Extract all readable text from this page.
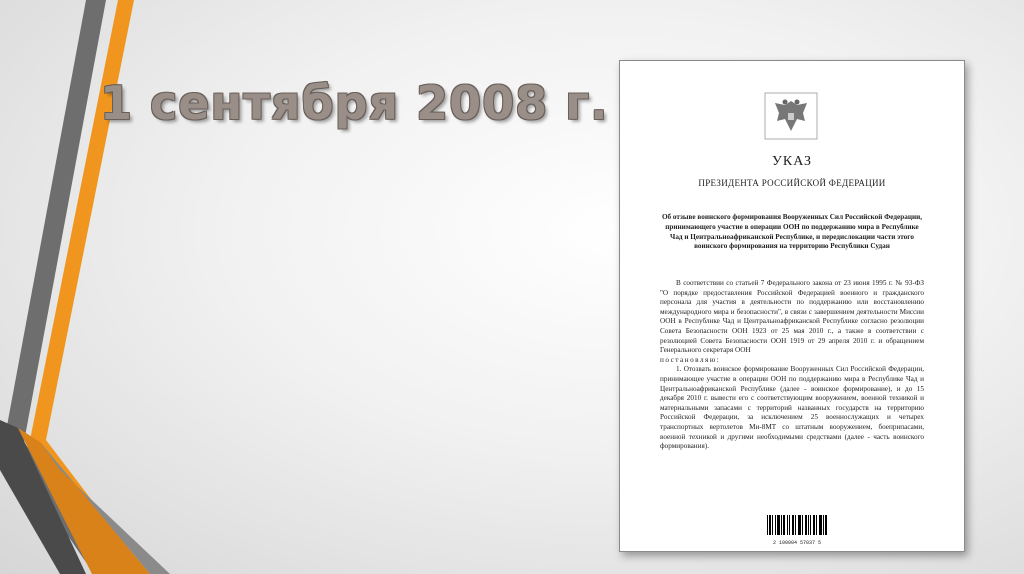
1 сентября 2008 г.
УКАЗ
ПРЕЗИДЕНТА РОССИЙСКОЙ ФЕДЕРАЦИИ
Об отзыве воинского формирования Вооруженных Сил Российской Федерации, принимающего участие в операции ООН по поддержанию мира в Республике Чад и Центральноафриканской Республике, и передислокации части этого воинского формирования на территорию Республики Судан

В соответствии со статьей 7 Федерального закона от 23 июня 1995 г. № 93-ФЗ "О порядке предоставления Российской Федерацией военного и гражданского персонала для участия в деятельности по поддержанию или восстановлению международного мира и безопасности", в связи с завершением деятельности Миссии ООН в Республике Чад и Центральноафриканской Республике согласно резолюции Совета Безопасности ООН 1923 от 25 мая 2010 г., а также в соответствии с резолюцией Совета Безопасности ООН 1919 от 29 апреля 2010 г. и обращением Генерального секретаря ООН

постановляю:

1. Отозвать воинское формирование Вооруженных Сил Российской Федерации, принимающее участие в операции ООН по поддержанию мира в Республике Чад и Центральноафриканской Республике (далее - воинское формирование), и до 15 декабря 2010 г. вывести его с соответствующим вооружением, военной техникой и материальными запасами с территорий названных государств на территорию Российской Федерации, за исключением 25 военнослужащих и четырех транспортных вертолетов Ми-8МТ со штатным вооружением, боеприпасами, военной техникой и другими необходимыми средствами (далее - часть воинского формирования).

2 100004 57037 5
